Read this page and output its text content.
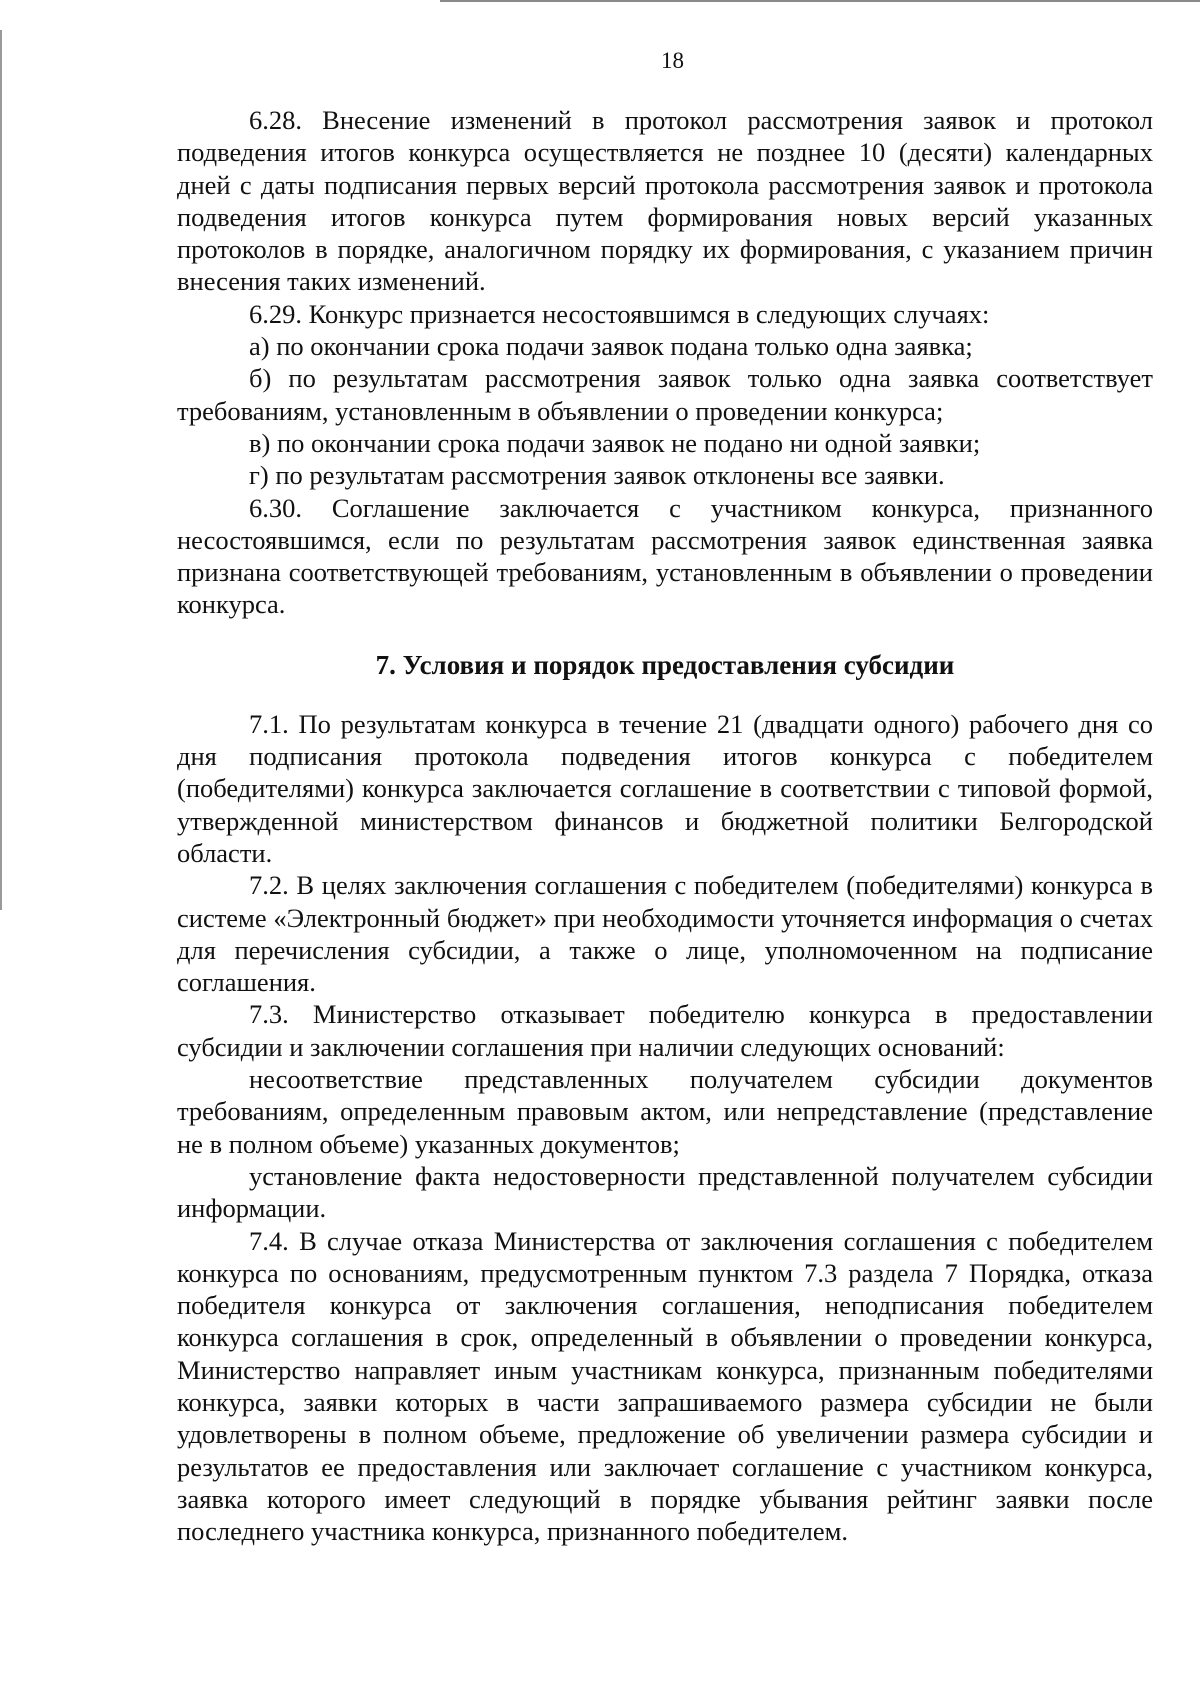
18

6.28. Внесение изменений в протокол рассмотрения заявок и протокол подведения итогов конкурса осуществляется не позднее 10 (десяти) календарных дней с даты подписания первых версий протокола рассмотрения заявок и протокола подведения итогов конкурса путем формирования новых версий указанных протоколов в порядке, аналогичном порядку их формирования, с указанием причин внесения таких изменений.

6.29. Конкурс признается несостоявшимся в следующих случаях:

а) по окончании срока подачи заявок подана только одна заявка;

б) по результатам рассмотрения заявок только одна заявка соответствует требованиям, установленным в объявлении о проведении конкурса;

в) по окончании срока подачи заявок не подано ни одной заявки;

г) по результатам рассмотрения заявок отклонены все заявки.

6.30. Соглашение заключается с участником конкурса, признанного несостоявшимся, если по результатам рассмотрения заявок единственная заявка признана соответствующей требованиям, установленным в объявлении о проведении конкурса.

7. Условия и порядок предоставления субсидии

7.1. По результатам конкурса в течение 21 (двадцати одного) рабочего дня со дня подписания протокола подведения итогов конкурса с победителем (победителями) конкурса заключается соглашение в соответствии с типовой формой, утвержденной министерством финансов и бюджетной политики Белгородской области.

7.2. В целях заключения соглашения с победителем (победителями) конкурса в системе «Электронный бюджет» при необходимости уточняется информация о счетах для перечисления субсидии, а также о лице, уполномоченном на подписание соглашения.

7.3. Министерство отказывает победителю конкурса в предоставлении субсидии и заключении соглашения при наличии следующих оснований:

несоответствие представленных получателем субсидии документов требованиям, определенным правовым актом, или непредставление (представление не в полном объеме) указанных документов;

установление факта недостоверности представленной получателем субсидии информации.

7.4. В случае отказа Министерства от заключения соглашения с победителем конкурса по основаниям, предусмотренным пунктом 7.3 раздела 7 Порядка, отказа победителя конкурса от заключения соглашения, неподписания победителем конкурса соглашения в срок, определенный в объявлении о проведении конкурса, Министерство направляет иным участникам конкурса, признанным победителями конкурса, заявки которых в части запрашиваемого размера субсидии не были удовлетворены в полном объеме, предложение об увеличении размера субсидии и результатов ее предоставления или заключает соглашение с участником конкурса, заявка которого имеет следующий в порядке убывания рейтинг заявки после последнего участника конкурса, признанного победителем.
